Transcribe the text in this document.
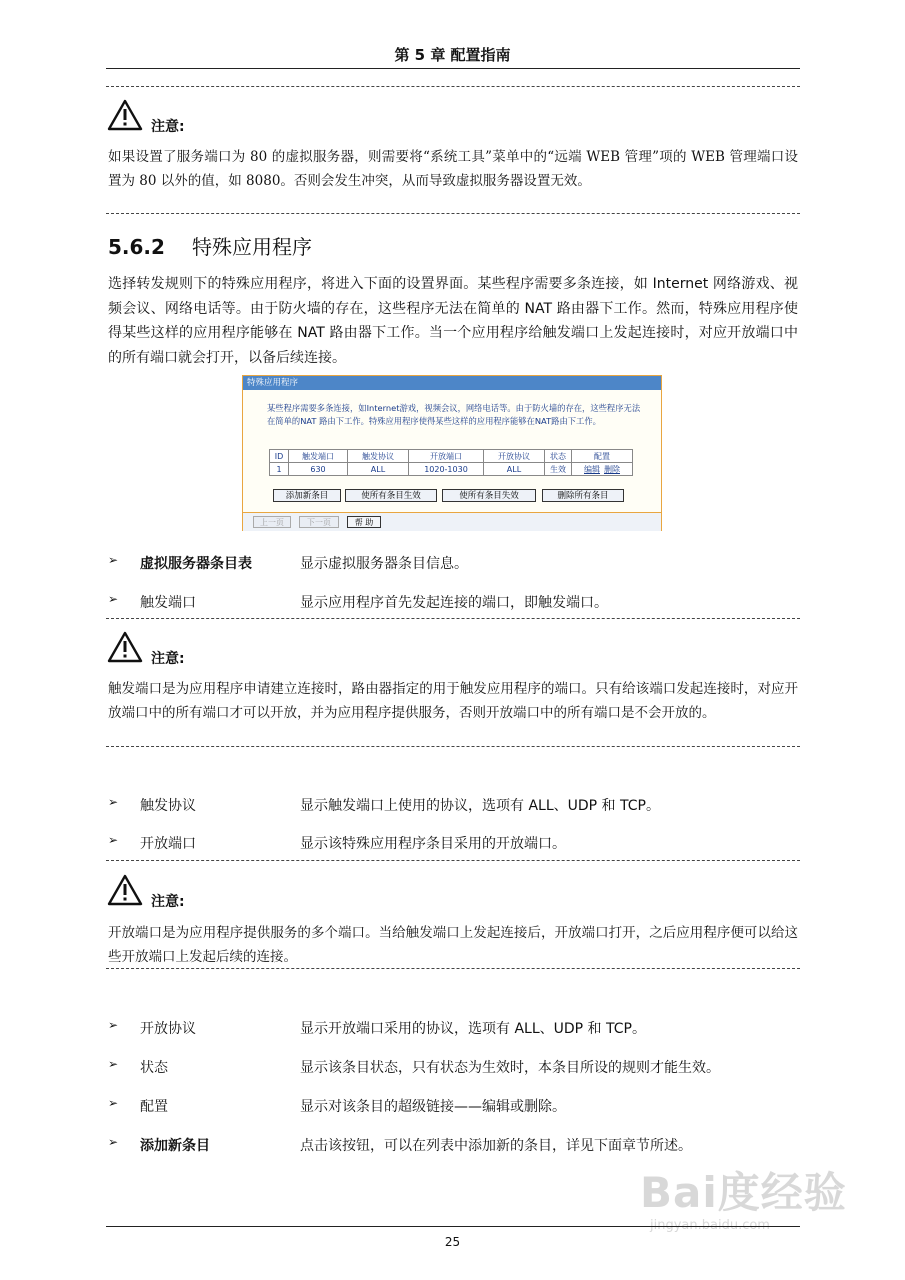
第 5 章 配置指南
注意:
如果设置了服务端口为 80 的虚拟服务器，则需要将“系统工具”菜单中的“远端 WEB 管理”项的 WEB 管理端口设置为 80 以外的值，如 8080。否则会发生冲突，从而导致虚拟服务器设置无效。
5.6.2 特殊应用程序
选择转发规则下的特殊应用程序，将进入下面的设置界面。某些程序需要多条连接，如 Internet 网络游戏、视频会议、网络电话等。由于防火墙的存在，这些程序无法在简单的 NAT 路由器下工作。然而，特殊应用程序使得某些这样的应用程序能够在 NAT 路由器下工作。当一个应用程序给触发端口上发起连接时，对应开放端口中的所有端口就会打开，以备后续连接。
特殊应用程序
某些程序需要多条连接，如Internet游戏，视频会议，网络电话等。由于防火墙的存在，这些程序无法在简单的NAT 路由下工作。特殊应用程序使得某些这样的应用程序能够在NAT路由下工作。
ID	触发端口	触发协议	开放端口	开放协议	状态	配置
1	630	ALL	1020-1030	ALL	生效	编辑 删除
添加新条目	使所有条目生效	使所有条目失效	删除所有条目
上一页	下一页	帮 助
➢ 虚拟服务器条目表	显示虚拟服务器条目信息。
➢ 触发端口	显示应用程序首先发起连接的端口，即触发端口。
注意:
触发端口是为应用程序申请建立连接时，路由器指定的用于触发应用程序的端口。只有给该端口发起连接时，对应开放端口中的所有端口才可以开放，并为应用程序提供服务，否则开放端口中的所有端口是不会开放的。
➢ 触发协议	显示触发端口上使用的协议，选项有 ALL、UDP 和 TCP。
➢ 开放端口	显示该特殊应用程序条目采用的开放端口。
注意:
开放端口是为应用程序提供服务的多个端口。当给触发端口上发起连接后，开放端口打开，之后应用程序便可以给这些开放端口上发起后续的连接。
➢ 开放协议	显示开放端口采用的协议，选项有 ALL、UDP 和 TCP。
➢ 状态	显示该条目状态，只有状态为生效时，本条目所设的规则才能生效。
➢ 配置	显示对该条目的超级链接——编辑或删除。
➢ 添加新条目	点击该按钮，可以在列表中添加新的条目，详见下面章节所述。
Bai度经验
jingyan.baidu.com
25
